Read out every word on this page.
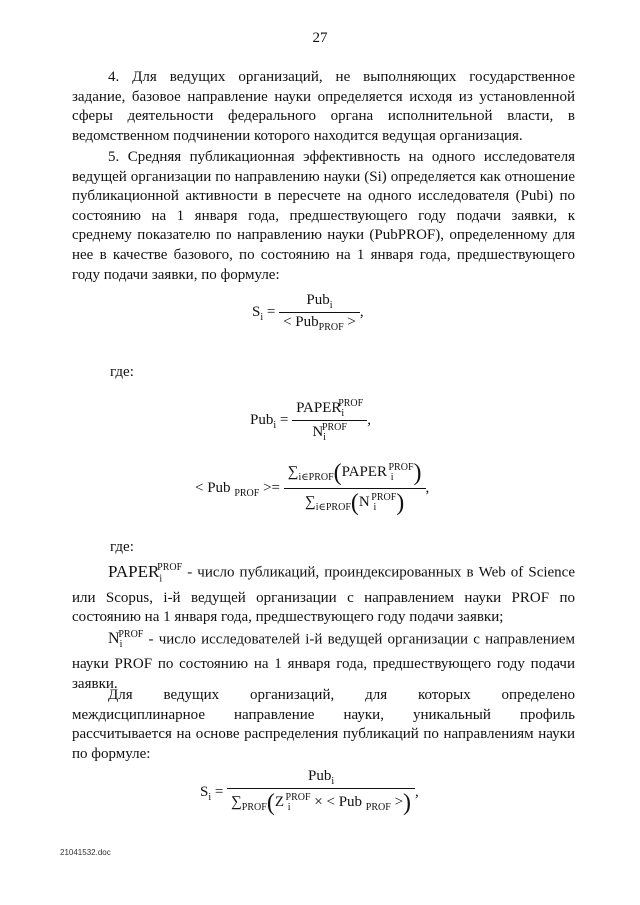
27
4. Для ведущих организаций, не выполняющих государственное задание, базовое направление науки определяется исходя из установленной сферы деятельности федерального органа исполнительной власти, в ведомственном подчинении которого находится ведущая организация.
5. Средняя публикационная эффективность на одного исследователя ведущей организации по направлению науки (Si) определяется как отношение публикационной активности в пересчете на одного исследователя (Pubi) по состоянию на 1 января года, предшествующего году подачи заявки, к среднему показателю по направлению науки (PubPROF), определенному для нее в качестве базового, по состоянию на 1 января года, предшествующего году подачи заявки, по формуле:
$S_i = \frac{Pub_i}{< Pub_{PROF} >}$ ,
где:
$Pub_i = \frac{PAPER_i^{PROF}}{N_i^{PROF}}$ ,
< Pub $_{PROF} >= \frac{\sum_{i\in PROF}(PAPER _i^{PROF})}{\sum_{i\in PROF}(N _i^{PROF})}$ ,
где:
$PAPER_i^{PROF}$ - число публикаций, проиндексированных в Web of Science или Scopus, i-й ведущей организации с направлением науки PROF по состоянию на 1 января года, предшествующего году подачи заявки;
$N_i^{PROF}$ - число исследователей i-й ведущей организации с направлением науки PROF по состоянию на 1 января года, предшествующего году подачи заявки.
Для ведущих организаций, для которых определено междисциплинарное направление науки, уникальный профиль рассчитывается на основе распределения публикаций по направлениям науки по формуле:
$S_i = \frac{Pub_i}{\sum_{PROF}(Z _i^{PROF} \times < Pub _{PROF} >)}$ ,
21041532.doc
